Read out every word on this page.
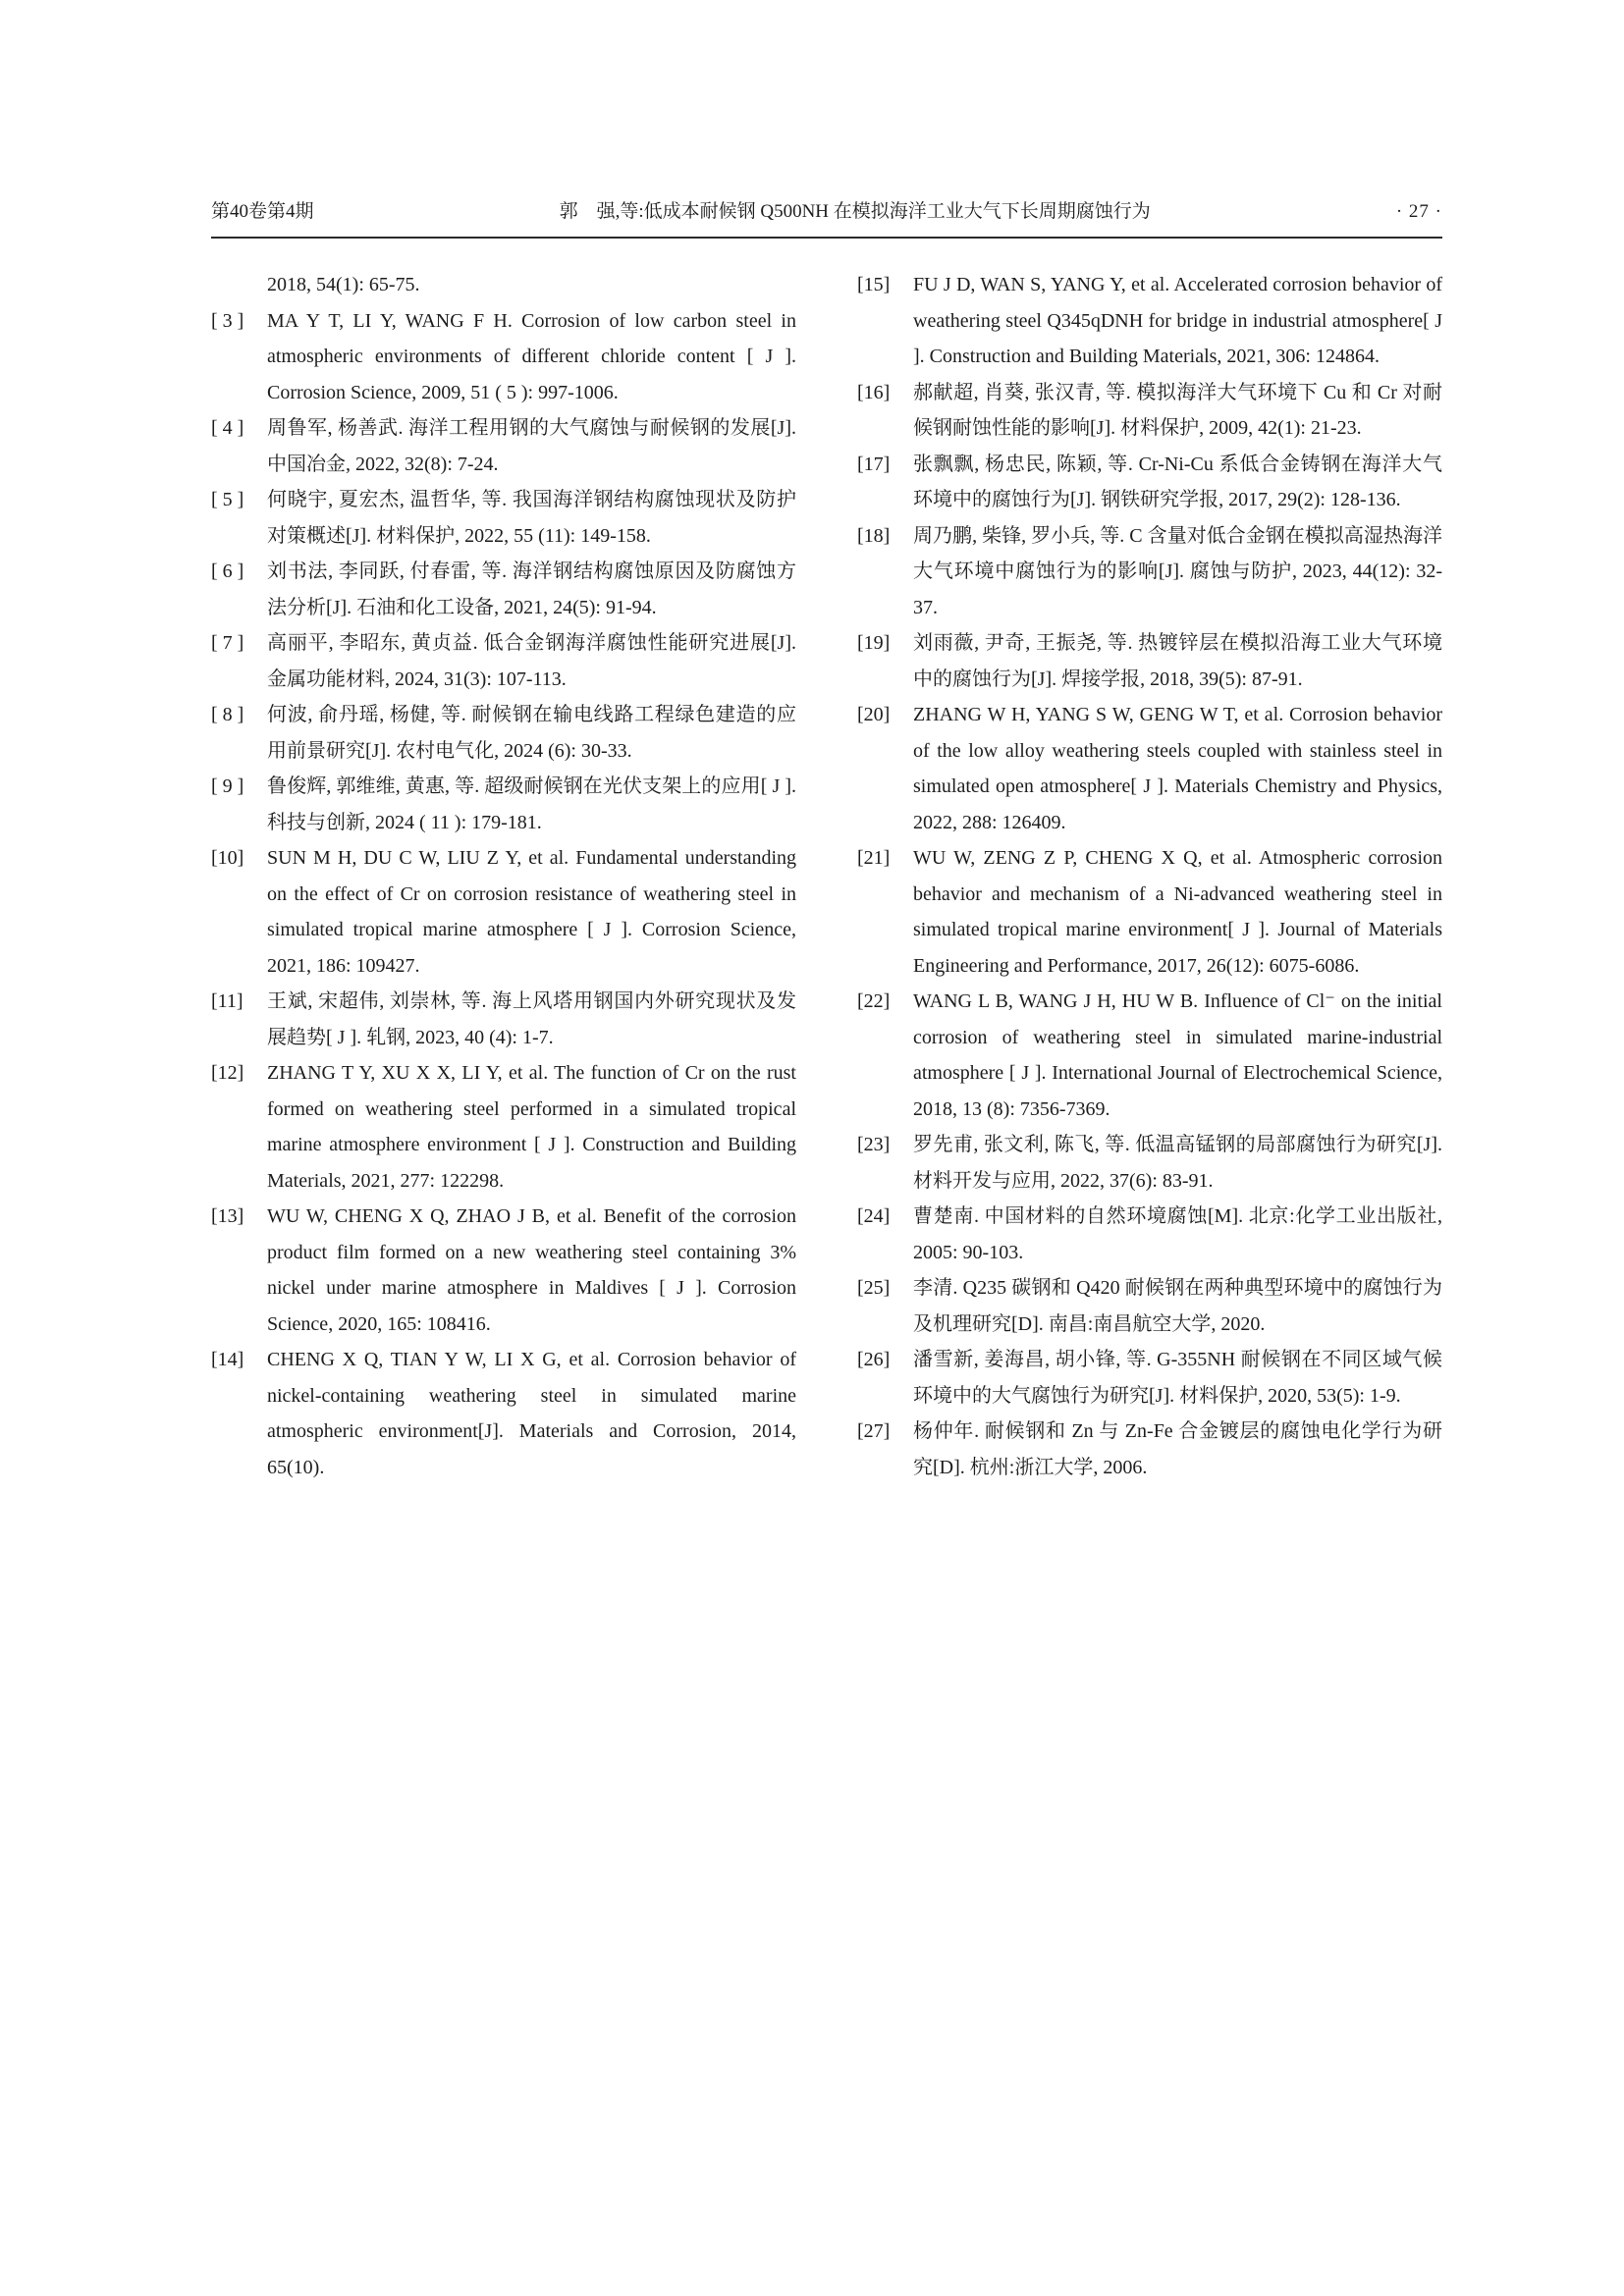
第40卷第4期	郭　强,等:低成本耐候钢 Q500NH 在模拟海洋工业大气下长周期腐蚀行为	· 27 ·
2018, 54(1): 65-75.
[ 3 ] MA Y T, LI Y, WANG F H. Corrosion of low carbon steel in atmospheric environments of different chloride content [ J ]. Corrosion Science, 2009, 51 ( 5 ): 997-1006.
[ 4 ] 周鲁军, 杨善武. 海洋工程用钢的大气腐蚀与耐候钢的发展[J]. 中国冶金, 2022, 32(8): 7-24.
[ 5 ] 何晓宇, 夏宏杰, 温哲华, 等. 我国海洋钢结构腐蚀现状及防护对策概述[J]. 材料保护, 2022, 55 (11): 149-158.
[ 6 ] 刘书法, 李同跃, 付春雷, 等. 海洋钢结构腐蚀原因及防腐蚀方法分析[J]. 石油和化工设备, 2021, 24(5): 91-94.
[ 7 ] 高丽平, 李昭东, 黄贞益. 低合金钢海洋腐蚀性能研究进展[J]. 金属功能材料, 2024, 31(3): 107-113.
[ 8 ] 何波, 俞丹瑶, 杨健, 等. 耐候钢在输电线路工程绿色建造的应用前景研究[J]. 农村电气化, 2024 (6): 30-33.
[ 9 ] 鲁俊辉, 郭维维, 黄惠, 等. 超级耐候钢在光伏支架上的应用[ J ]. 科技与创新, 2024 ( 11 ): 179-181.
[10] SUN M H, DU C W, LIU Z Y, et al. Fundamental understanding on the effect of Cr on corrosion resistance of weathering steel in simulated tropical marine atmosphere [ J ]. Corrosion Science, 2021, 186: 109427.
[11] 王斌, 宋超伟, 刘崇林, 等. 海上风塔用钢国内外研究现状及发展趋势[ J ]. 轧钢, 2023, 40 (4): 1-7.
[12] ZHANG T Y, XU X X, LI Y, et al. The function of Cr on the rust formed on weathering steel performed in a simulated tropical marine atmosphere environment [ J ]. Construction and Building Materials, 2021, 277: 122298.
[13] WU W, CHENG X Q, ZHAO J B, et al. Benefit of the corrosion product film formed on a new weathering steel containing 3% nickel under marine atmosphere in Maldives [ J ]. Corrosion Science, 2020, 165: 108416.
[14] CHENG X Q, TIAN Y W, LI X G, et al. Corrosion behavior of nickel-containing weathering steel in simulated marine atmospheric environment[J]. Materials and Corrosion, 2014, 65(10).
[15] FU J D, WAN S, YANG Y, et al. Accelerated corrosion behavior of weathering steel Q345qDNH for bridge in industrial atmosphere[ J ]. Construction and Building Materials, 2021, 306: 124864.
[16] 郝献超, 肖葵, 张汉青, 等. 模拟海洋大气环境下 Cu 和 Cr 对耐候钢耐蚀性能的影响[J]. 材料保护, 2009, 42(1): 21-23.
[17] 张飘飘, 杨忠民, 陈颖, 等. Cr-Ni-Cu 系低合金铸钢在海洋大气环境中的腐蚀行为[J]. 钢铁研究学报, 2017, 29(2): 128-136.
[18] 周乃鹏, 柴锋, 罗小兵, 等. C 含量对低合金钢在模拟高湿热海洋大气环境中腐蚀行为的影响[J]. 腐蚀与防护, 2023, 44(12): 32-37.
[19] 刘雨薇, 尹奇, 王振尧, 等. 热镀锌层在模拟沿海工业大气环境中的腐蚀行为[J]. 焊接学报, 2018, 39(5): 87-91.
[20] ZHANG W H, YANG S W, GENG W T, et al. Corrosion behavior of the low alloy weathering steels coupled with stainless steel in simulated open atmosphere[ J ]. Materials Chemistry and Physics, 2022, 288: 126409.
[21] WU W, ZENG Z P, CHENG X Q, et al. Atmospheric corrosion behavior and mechanism of a Ni-advanced weathering steel in simulated tropical marine environment[ J ]. Journal of Materials Engineering and Performance, 2017, 26(12): 6075-6086.
[22] WANG L B, WANG J H, HU W B. Influence of Cl⁻ on the initial corrosion of weathering steel in simulated marine-industrial atmosphere [ J ]. International Journal of Electrochemical Science, 2018, 13 (8): 7356-7369.
[23] 罗先甫, 张文利, 陈飞, 等. 低温高锰钢的局部腐蚀行为研究[J]. 材料开发与应用, 2022, 37(6): 83-91.
[24] 曹楚南. 中国材料的自然环境腐蚀[M]. 北京:化学工业出版社, 2005: 90-103.
[25] 李清. Q235 碳钢和 Q420 耐候钢在两种典型环境中的腐蚀行为及机理研究[D]. 南昌:南昌航空大学, 2020.
[26] 潘雪新, 姜海昌, 胡小锋, 等. G-355NH 耐候钢在不同区域气候环境中的大气腐蚀行为研究[J]. 材料保护, 2020, 53(5): 1-9.
[27] 杨仲年. 耐候钢和 Zn 与 Zn-Fe 合金镀层的腐蚀电化学行为研究[D]. 杭州:浙江大学, 2006.
